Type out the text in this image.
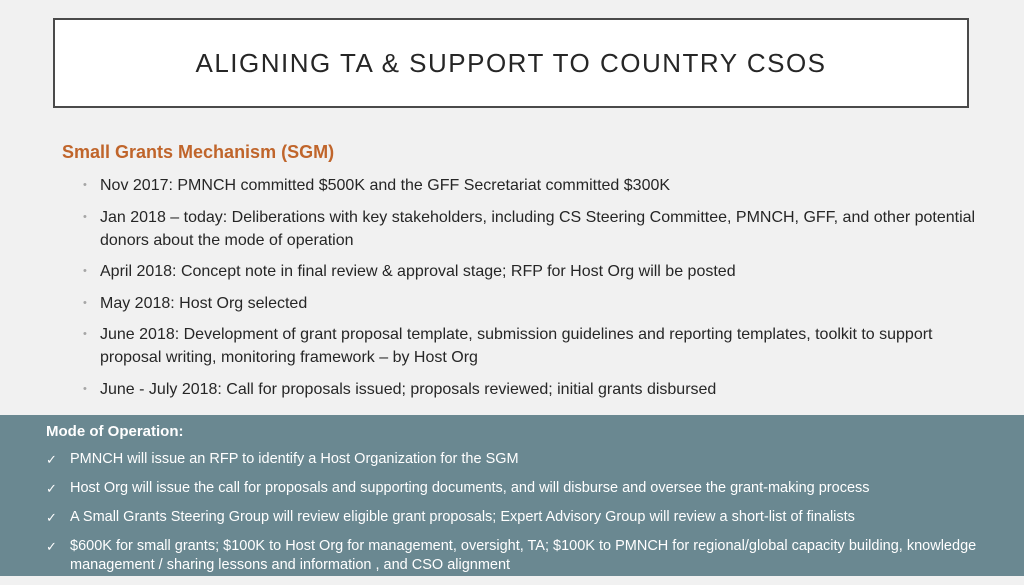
ALIGNING TA & SUPPORT TO COUNTRY CSOS
Small Grants Mechanism (SGM)
• Nov 2017: PMNCH committed $500K and the GFF Secretariat committed $300K
• Jan 2018 – today: Deliberations with key stakeholders, including CS Steering Committee, PMNCH, GFF, and other potential donors about the mode of operation
• April 2018: Concept note in final review & approval stage; RFP for Host Org will be posted
• May 2018: Host Org selected
• June 2018: Development of grant proposal template, submission guidelines and reporting templates, toolkit to support proposal writing, monitoring framework – by Host Org
• June - July 2018: Call for proposals issued; proposals reviewed; initial grants disbursed
Mode of Operation:
✓ PMNCH will issue an RFP to identify a Host Organization for the SGM
✓ Host Org will issue the call for proposals and supporting documents, and will disburse and oversee the grant-making process
✓ A Small Grants Steering Group will review eligible grant proposals; Expert Advisory Group will review a short-list of finalists
✓ $600K for small grants; $100K to Host Org for management, oversight, TA; $100K to PMNCH for regional/global capacity building, knowledge management / sharing lessons and information , and CSO alignment
